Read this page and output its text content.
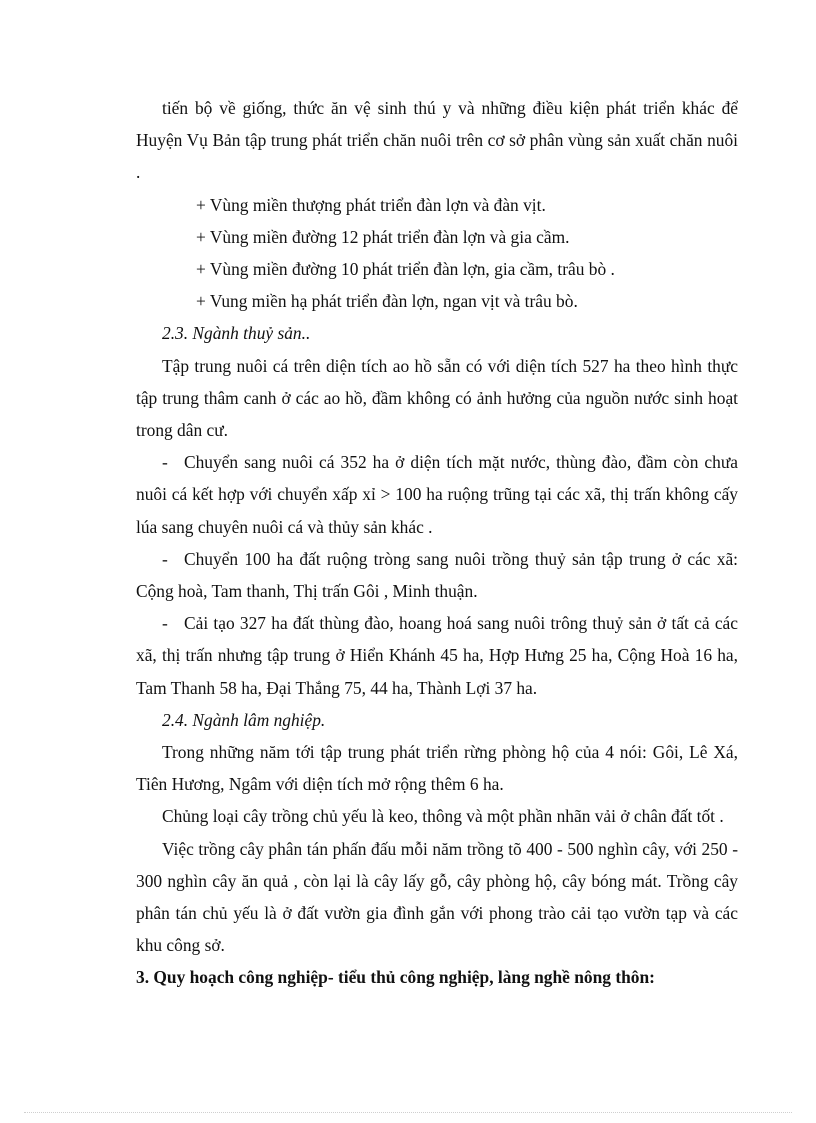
tiến bộ về giống, thức ăn vệ sinh thú y và những điều kiện phát triển khác để Huyện Vụ Bản tập trung phát triển chăn nuôi trên cơ sở phân vùng sản xuất chăn nuôi .

+ Vùng miền thượng phát triển đàn lợn và đàn vịt.

+ Vùng miền đường 12 phát triển đàn lợn và gia cầm.

+ Vùng miền đường 10 phát triển đàn lợn, gia cầm, trâu bò .

+ Vung miền hạ phát triển đàn lợn, ngan vịt và trâu bò.

2.3. Ngành thuỷ sản..

Tập trung nuôi cá trên diện tích ao hồ sẵn có với diện tích 527 ha theo hình thực tập trung thâm canh ở các ao hồ, đầm không có ảnh hưởng của nguồn nước sinh hoạt trong dân cư.

- Chuyển sang nuôi cá 352 ha ở diện tích mặt nước, thùng đào, đầm còn chưa nuôi cá kết hợp với chuyển xấp xỉ > 100 ha ruộng trũng tại các xã, thị trấn không cấy lúa sang chuyên nuôi cá và thủy sản khác .

- Chuyển 100 ha đất ruộng tròng sang nuôi trồng thuỷ sản tập trung ở các xã: Cộng hoà, Tam thanh, Thị trấn Gôi , Minh thuận.

- Cải tạo 327 ha đất thùng đào, hoang hoá sang nuôi trông thuỷ sản ở tất cả các xã, thị trấn nhưng tập trung ở Hiển Khánh 45 ha, Hợp Hưng 25 ha, Cộng Hoà 16 ha, Tam Thanh 58 ha, Đại Thắng 75, 44 ha, Thành Lợi 37 ha.

2.4. Ngành lâm nghiệp.

Trong những năm tới tập trung phát triển rừng phòng hộ của 4 nói: Gôi, Lê Xá, Tiên Hương, Ngâm với diện tích mở rộng thêm 6 ha.

Chủng loại cây trồng chủ yếu là keo, thông và một phần nhãn vải ở chân đất tốt .

Việc trồng cây phân tán phấn đấu mỗi năm trồng tõ 400 - 500 nghìn cây, với 250 - 300 nghìn cây ăn quả , còn lại là cây lấy gỗ, cây phòng hộ, cây bóng mát. Trồng cây phân tán chủ yếu là ở đất vườn gia đình gắn với phong trào cải tạo vườn tạp và các khu công sở.

3. Quy hoạch công nghiệp- tiểu thủ công nghiệp, làng nghề nông thôn:
